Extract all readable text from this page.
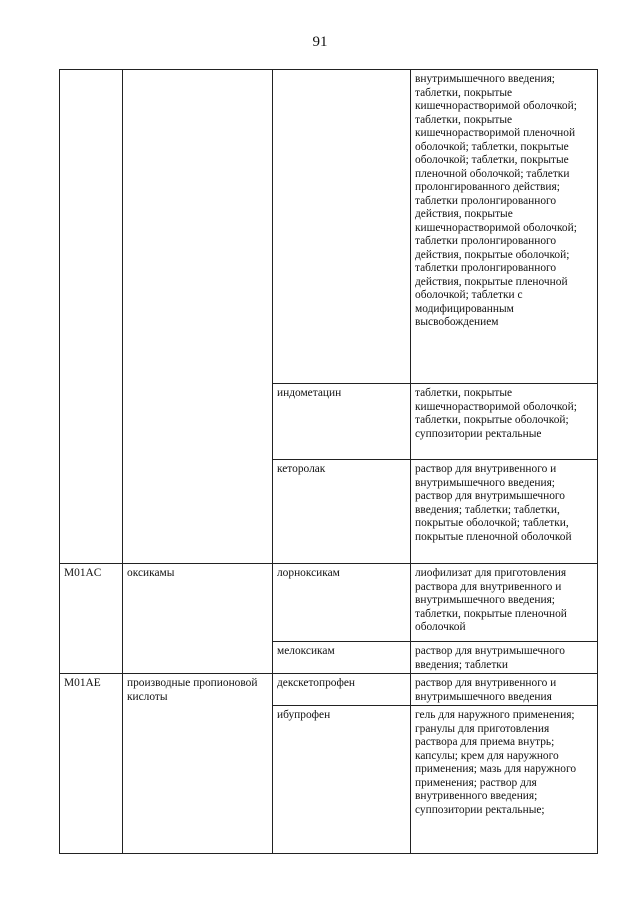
91
			внутримышечного введения; таблетки, покрытые кишечнорастворимой оболочкой; таблетки, покрытые кишечнорастворимой пленочной оболочкой; таблетки, покрытые оболочкой; таблетки, покрытые пленочной оболочкой; таблетки пролонгированного действия; таблетки пролонгированного действия, покрытые кишечнорастворимой оболочкой; таблетки пролонгированного действия, покрытые оболочкой; таблетки пролонгированного действия, покрытые пленочной оболочкой; таблетки с модифицированным высвобождением
		индометацин	таблетки, покрытые кишечнорастворимой оболочкой; таблетки, покрытые оболочкой; суппозитории ректальные
		кеторолак	раствор для внутривенного и внутримышечного введения; раствор для внутримышечного введения; таблетки; таблетки, покрытые оболочкой; таблетки, покрытые пленочной оболочкой
M01AC	оксикамы	лорноксикам	лиофилизат для приготовления раствора для внутривенного и внутримышечного введения; таблетки, покрытые пленочной оболочкой
		мелоксикам	раствор для внутримышечного введения; таблетки
M01AE	производные пропионовой кислоты	декскетопрофен	раствор для внутривенного и внутримышечного введения
		ибупрофен	гель для наружного применения; гранулы для приготовления раствора для приема внутрь; капсулы; крем для наружного применения; мазь для наружного применения; раствор для внутривенного введения; суппозитории ректальные;
